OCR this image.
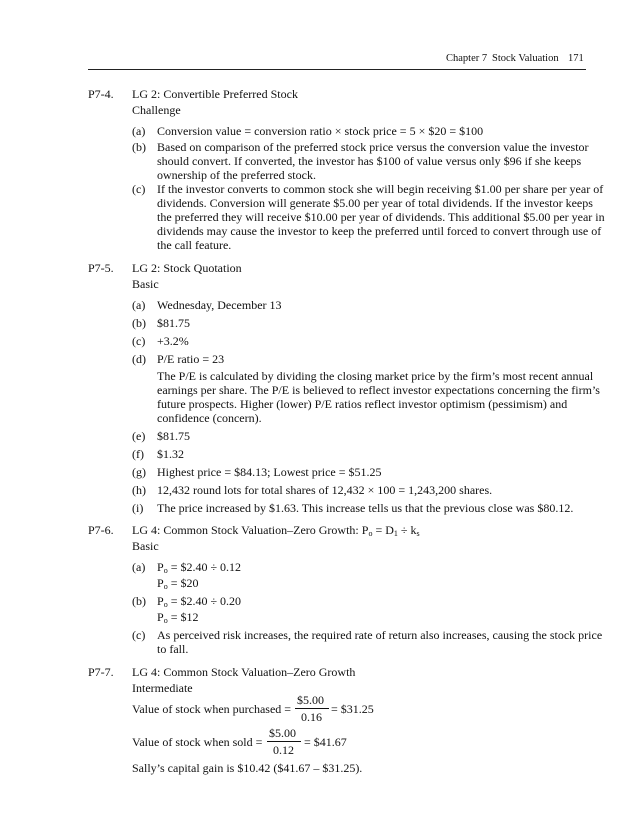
Chapter 7 Stock Valuation 171
P7-4. LG 2: Convertible Preferred Stock
Challenge
(a) Conversion value = conversion ratio × stock price = 5 × $20 = $100
(b) Based on comparison of the preferred stock price versus the conversion value the investor
should convert. If converted, the investor has $100 of value versus only $96 if she keeps
ownership of the preferred stock.
(c) If the investor converts to common stock she will begin receiving $1.00 per share per year of
dividends. Conversion will generate $5.00 per year of total dividends. If the investor keeps
the preferred they will receive $10.00 per year of dividends. This additional $5.00 per year in
dividends may cause the investor to keep the preferred until forced to convert through use of
the call feature.
P7-5. LG 2: Stock Quotation
Basic
(a) Wednesday, December 13
(b) $81.75
(c) +3.2%
(d) P/E ratio = 23
The P/E is calculated by dividing the closing market price by the firm’s most recent annual
earnings per share. The P/E is believed to reflect investor expectations concerning the firm’s
future prospects. Higher (lower) P/E ratios reflect investor optimism (pessimism) and
confidence (concern).
(e) $81.75
(f) $1.32
(g) Highest price = $84.13; Lowest price = $51.25
(h) 12,432 round lots for total shares of 12,432 × 100 = 1,243,200 shares.
(i) The price increased by $1.63. This increase tells us that the previous close was $80.12.
P7-6. LG 4: Common Stock Valuation–Zero Growth: $P_o = D_1 \div k_s$
Basic
(a) $P_o$ = $2.40 ÷ 0.12
$P_o$ = $20
(b) $P_o$ = $2.40 ÷ 0.20
$P_o$ = $12
(c) As perceived risk increases, the required rate of return also increases, causing the stock price
to fall.
P7-7. LG 4: Common Stock Valuation–Zero Growth
Intermediate
Value of stock when purchased =
$5.00
0.16
= $31.25
Value of stock when sold =
$5.00
0.12
= $41.67
Sally’s capital gain is $10.42 ($41.67 – $31.25).
